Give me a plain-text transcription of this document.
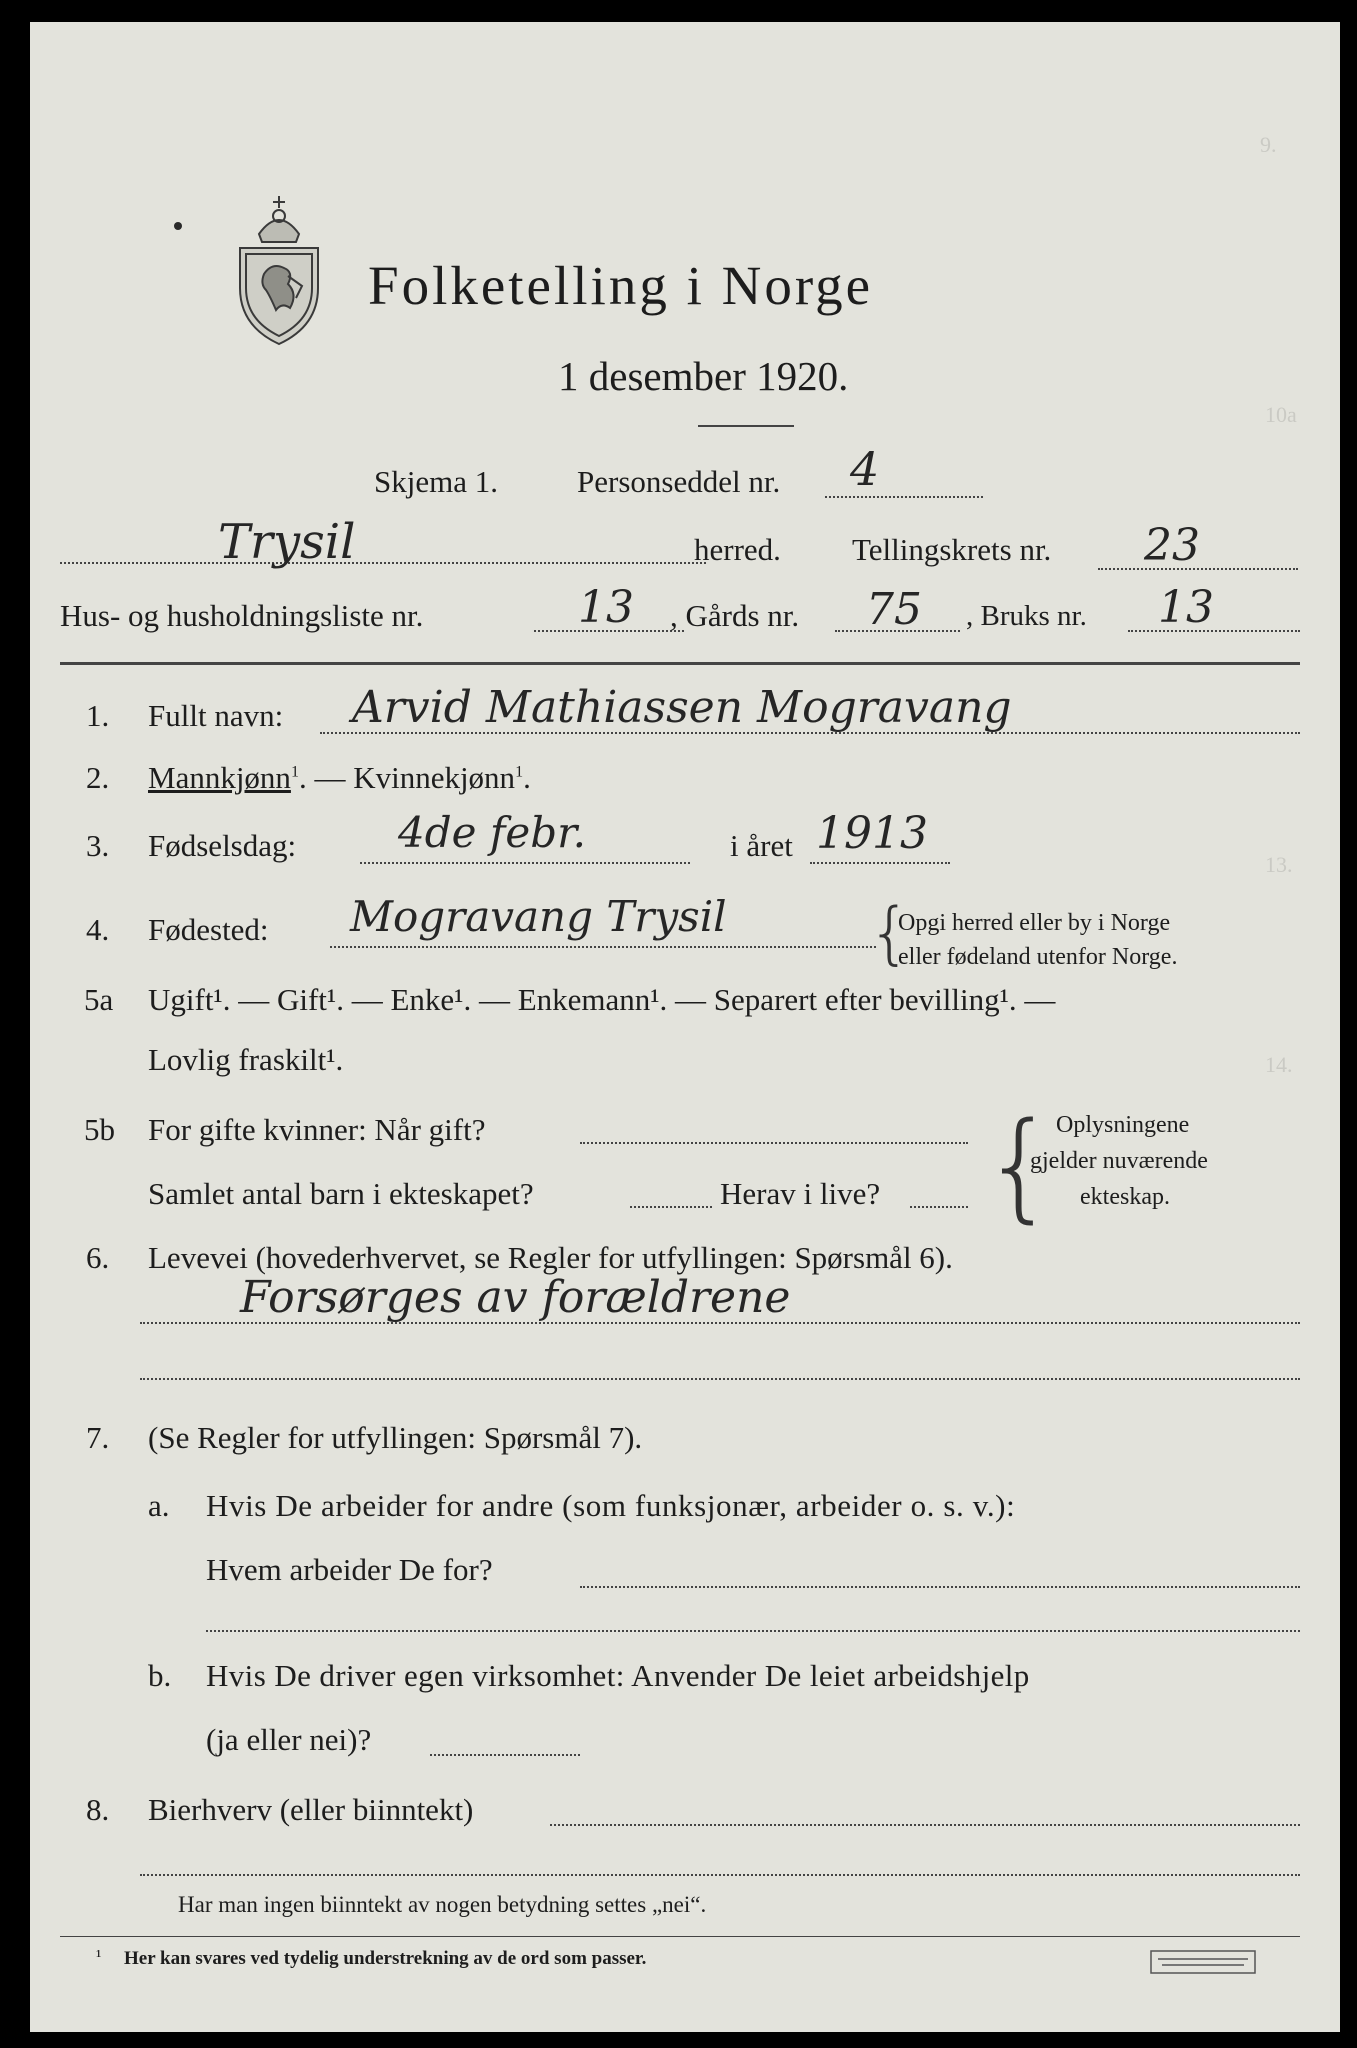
9.
10a
13.
14.
Folketelling i Norge
1 desember 1920.
Skjema 1.	Personseddel nr. 4
Trysil	herred. Tellingskrets nr. 23
Hus- og husholdningsliste nr.	13 , Gårds nr. 75 , Bruks nr. 13
1. Fullt navn: Arvid Mathiassen Mogravang
2. Mannkjønn$^1$. — Kvinnekjønn$^1$.
3. Fødselsdag: 4de febr.	i året 1913
4. Fødested: Mogravang Trysil {
Opgi herred eller by i Norge
eller fødeland utenfor Norge.
5a Ugift¹. — Gift¹. — Enke¹. — Enkemann¹. — Separert efter bevilling¹. —
Lovlig fraskilt¹.
5b For gifte kvinner: Når gift?
Samlet antal barn i ekteskapet?	Herav i live? {
Oplysningene
gjelder nuværende
ekteskap.
6. Levevei (hovederhvervet, se Regler for utfyllingen: Spørsmål 6).
Forsørges av forældrene
7. (Se Regler for utfyllingen: Spørsmål 7).
a. Hvis De arbeider for andre (som funksjonær, arbeider o. s. v.):
Hvem arbeider De for?
b. Hvis De driver egen virksomhet: Anvender De leiet arbeidshjelp
(ja eller nei)?
8. Bierhverv (eller biinntekt)
Har man ingen biinntekt av nogen betydning settes „nei“.
¹ Her kan svares ved tydelig understrekning av de ord som passer.
